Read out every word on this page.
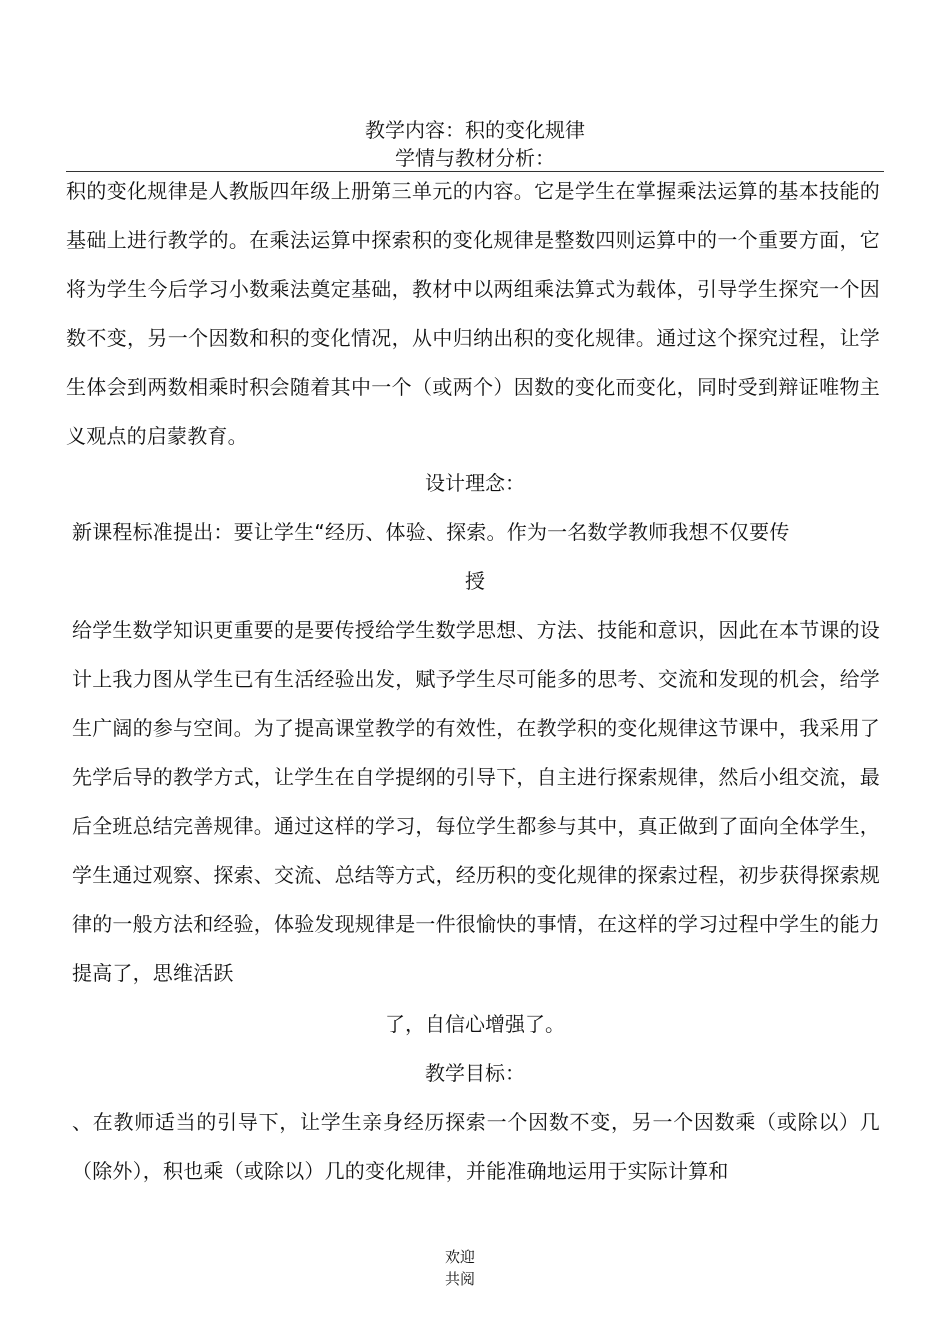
教学内容：积的变化规律
学情与教材分析：

积的变化规律是人教版四年级上册第三单元的内容。它是学生在掌握乘法运算的基本技能的基础上进行教学的。在乘法运算中探索积的变化规律是整数四则运算中的一个重要方面，它将为学生今后学习小数乘法奠定基础，教材中以两组乘法算式为载体，引导学生探究一个因数不变，另一个因数和积的变化情况，从中归纳出积的变化规律。通过这个探究过程，让学生体会到两数相乘时积会随着其中一个（或两个）因数的变化而变化，同时受到辩证唯物主义观点的启蒙教育。

设计理念：

新课程标准提出：要让学生“经历、体验、探索。作为一名数学教师我想不仅要传

授

给学生数学知识更重要的是要传授给学生数学思想、方法、技能和意识，因此在本节课的设计上我力图从学生已有生活经验出发，赋予学生尽可能多的思考、交流和发现的机会，给学生广阔的参与空间。为了提高课堂教学的有效性，在教学积的变化规律这节课中，我采用了先学后导的教学方式，让学生在自学提纲的引导下，自主进行探索规律，然后小组交流，最后全班总结完善规律。通过这样的学习，每位学生都参与其中，真正做到了面向全体学生，学生通过观察、探索、交流、总结等方式，经历积的变化规律的探索过程，初步获得探索规律的一般方法和经验，体验发现规律是一件很愉快的事情，在这样的学习过程中学生的能力提高了，思维活跃

了，自信心增强了。

教学目标：

、在教师适当的引导下，让学生亲身经历探索一个因数不变，另一个因数乘（或除以）几（除外），积也乘（或除以）几的变化规律，并能准确地运用于实际计算和

欢迎
共阅
